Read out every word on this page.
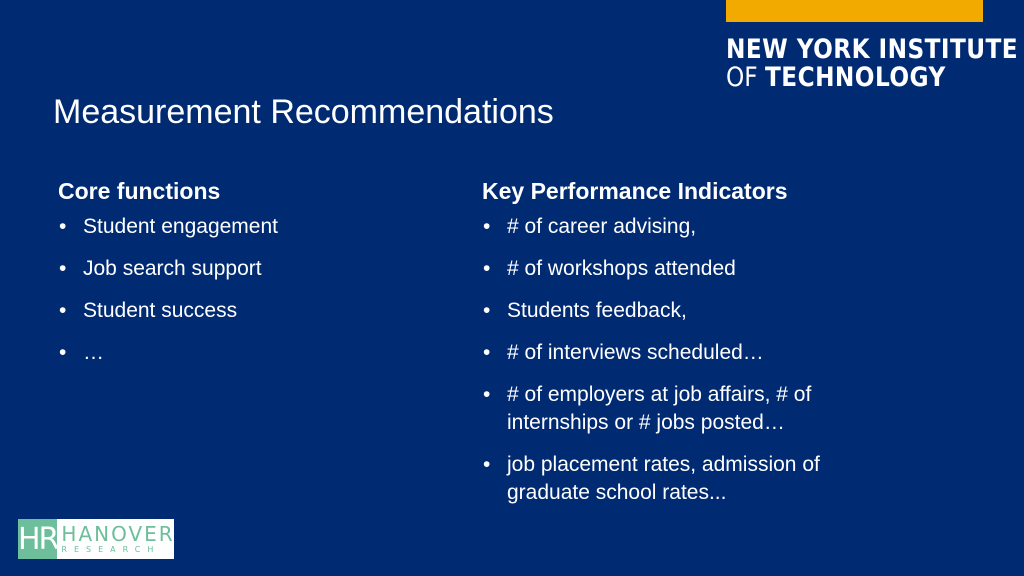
NEW YORK INSTITUTE
OF TECHNOLOGY
Measurement Recommendations
Core functions
• Student engagement
• Job search support
• Student success
• …
Key Performance Indicators
• # of career advising,
• # of workshops attended
• Students feedback,
• # of interviews scheduled…
• # of employers at job affairs, # of internships or # jobs posted…
• job placement rates, admission of graduate school rates...
HR HANOVER
RESEARCH
